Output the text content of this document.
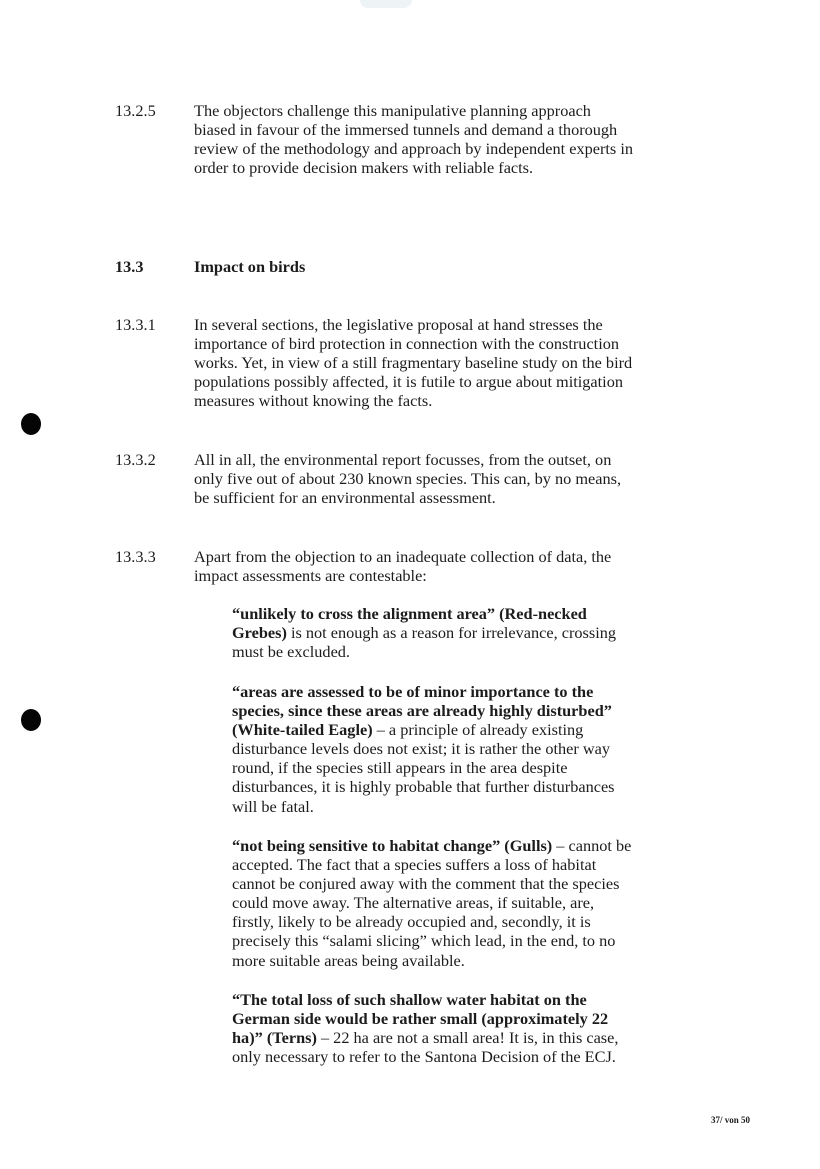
13.2.5	The objectors challenge this manipulative planning approach biased in favour of the immersed tunnels and demand a thorough review of the methodology and approach by independent experts in order to provide decision makers with reliable facts.
13.3	Impact on birds
13.3.1	In several sections, the legislative proposal at hand stresses the importance of bird protection in connection with the construction works. Yet, in view of a still fragmentary baseline study on the bird populations possibly affected, it is futile to argue about mitigation measures without knowing the facts.
13.3.2	All in all, the environmental report focusses, from the outset, on only five out of about 230 known species. This can, by no means, be sufficient for an environmental assessment.
13.3.3	Apart from the objection to an inadequate collection of data, the impact assessments are contestable:
“unlikely to cross the alignment area” (Red-necked Grebes) is not enough as a reason for irrelevance, crossing must be excluded.
“areas are assessed to be of minor importance to the species, since these areas are already highly disturbed” (White-tailed Eagle) – a principle of already existing disturbance levels does not exist; it is rather the other way round, if the species still appears in the area despite disturbances, it is highly probable that further disturbances will be fatal.
“not being sensitive to habitat change” (Gulls) – cannot be accepted. The fact that a species suffers a loss of habitat cannot be conjured away with the comment that the species could move away. The alternative areas, if suitable, are, firstly, likely to be already occupied and, secondly, it is precisely this “salami slicing” which lead, in the end, to no more suitable areas being available.
“The total loss of such shallow water habitat on the German side would be rather small (approximately 22 ha)” (Terns) – 22 ha are not a small area! It is, in this case, only necessary to refer to the Santona Decision of the ECJ.
37/ von 50
